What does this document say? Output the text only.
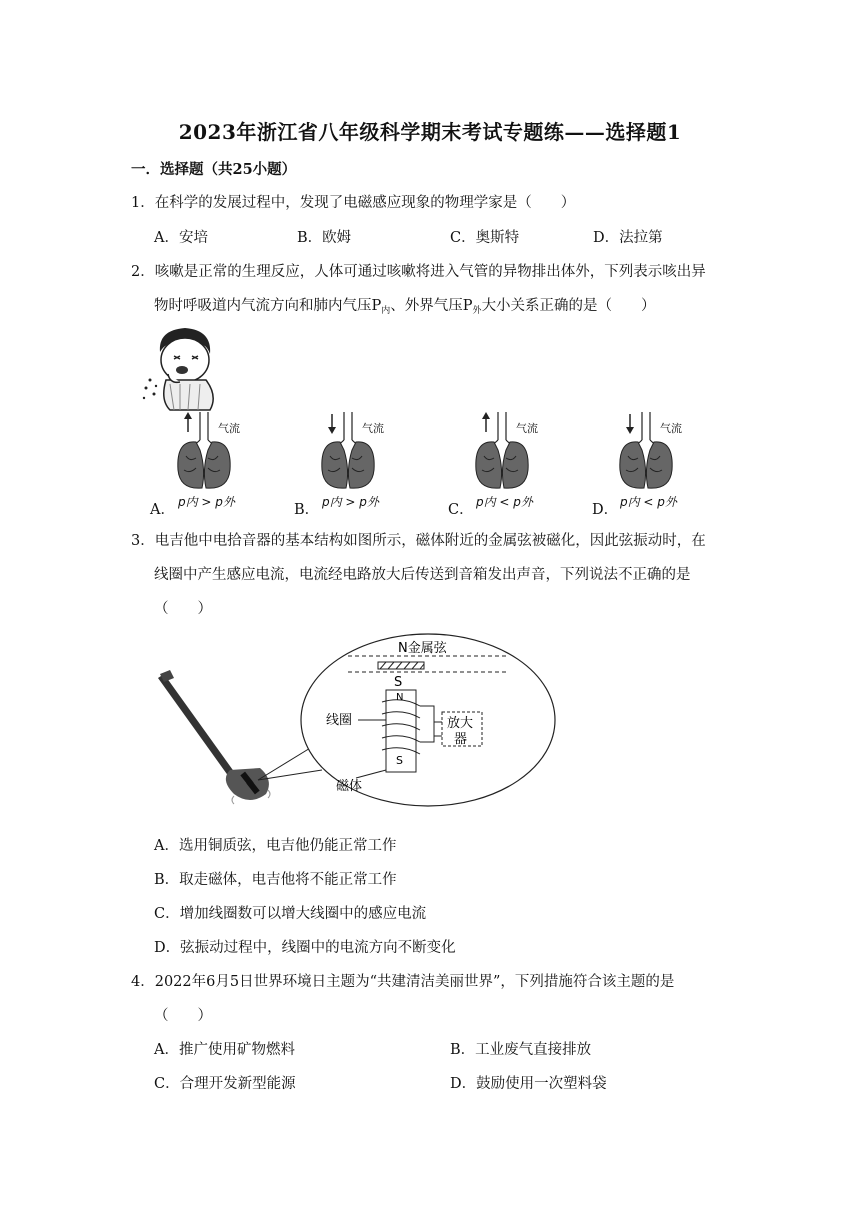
2023年浙江省八年级科学期末考试专题练——选择题1
一．选择题（共25小题）
1．在科学的发展过程中，发现了电磁感应现象的物理学家是（　　）
A．安培	B．欧姆	C．奥斯特	D．法拉第
2．咳嗽是正常的生理反应，人体可通过咳嗽将进入气管的异物排出体外，下列表示咳出异
物时呼吸道内气流方向和肺内气压$P_内$、外界气压$P_外$大小关系正确的是（　　）
A．
气流
p内 > p外	B．
气流
p内 > p外	C．
气流
p内 < p外	D．
气流
p内 < p外
3．电吉他中电拾音器的基本结构如图所示，磁体附近的金属弦被磁化，因此弦振动时，在
线圈中产生感应电流，电流经电路放大后传送到音箱发出声音，下列说法不正确的是
（　　）
N金属弦
S
N
线圈	放大
器
S
磁体
A．选用铜质弦，电吉他仍能正常工作
B．取走磁体，电吉他将不能正常工作
C．增加线圈数可以增大线圈中的感应电流
D．弦振动过程中，线圈中的电流方向不断变化
4．2022年6月5日世界环境日主题为“共建清洁美丽世界”，下列措施符合该主题的是
（　　）
A．推广使用矿物燃料	B．工业废气直接排放
C．合理开发新型能源	D．鼓励使用一次塑料袋
